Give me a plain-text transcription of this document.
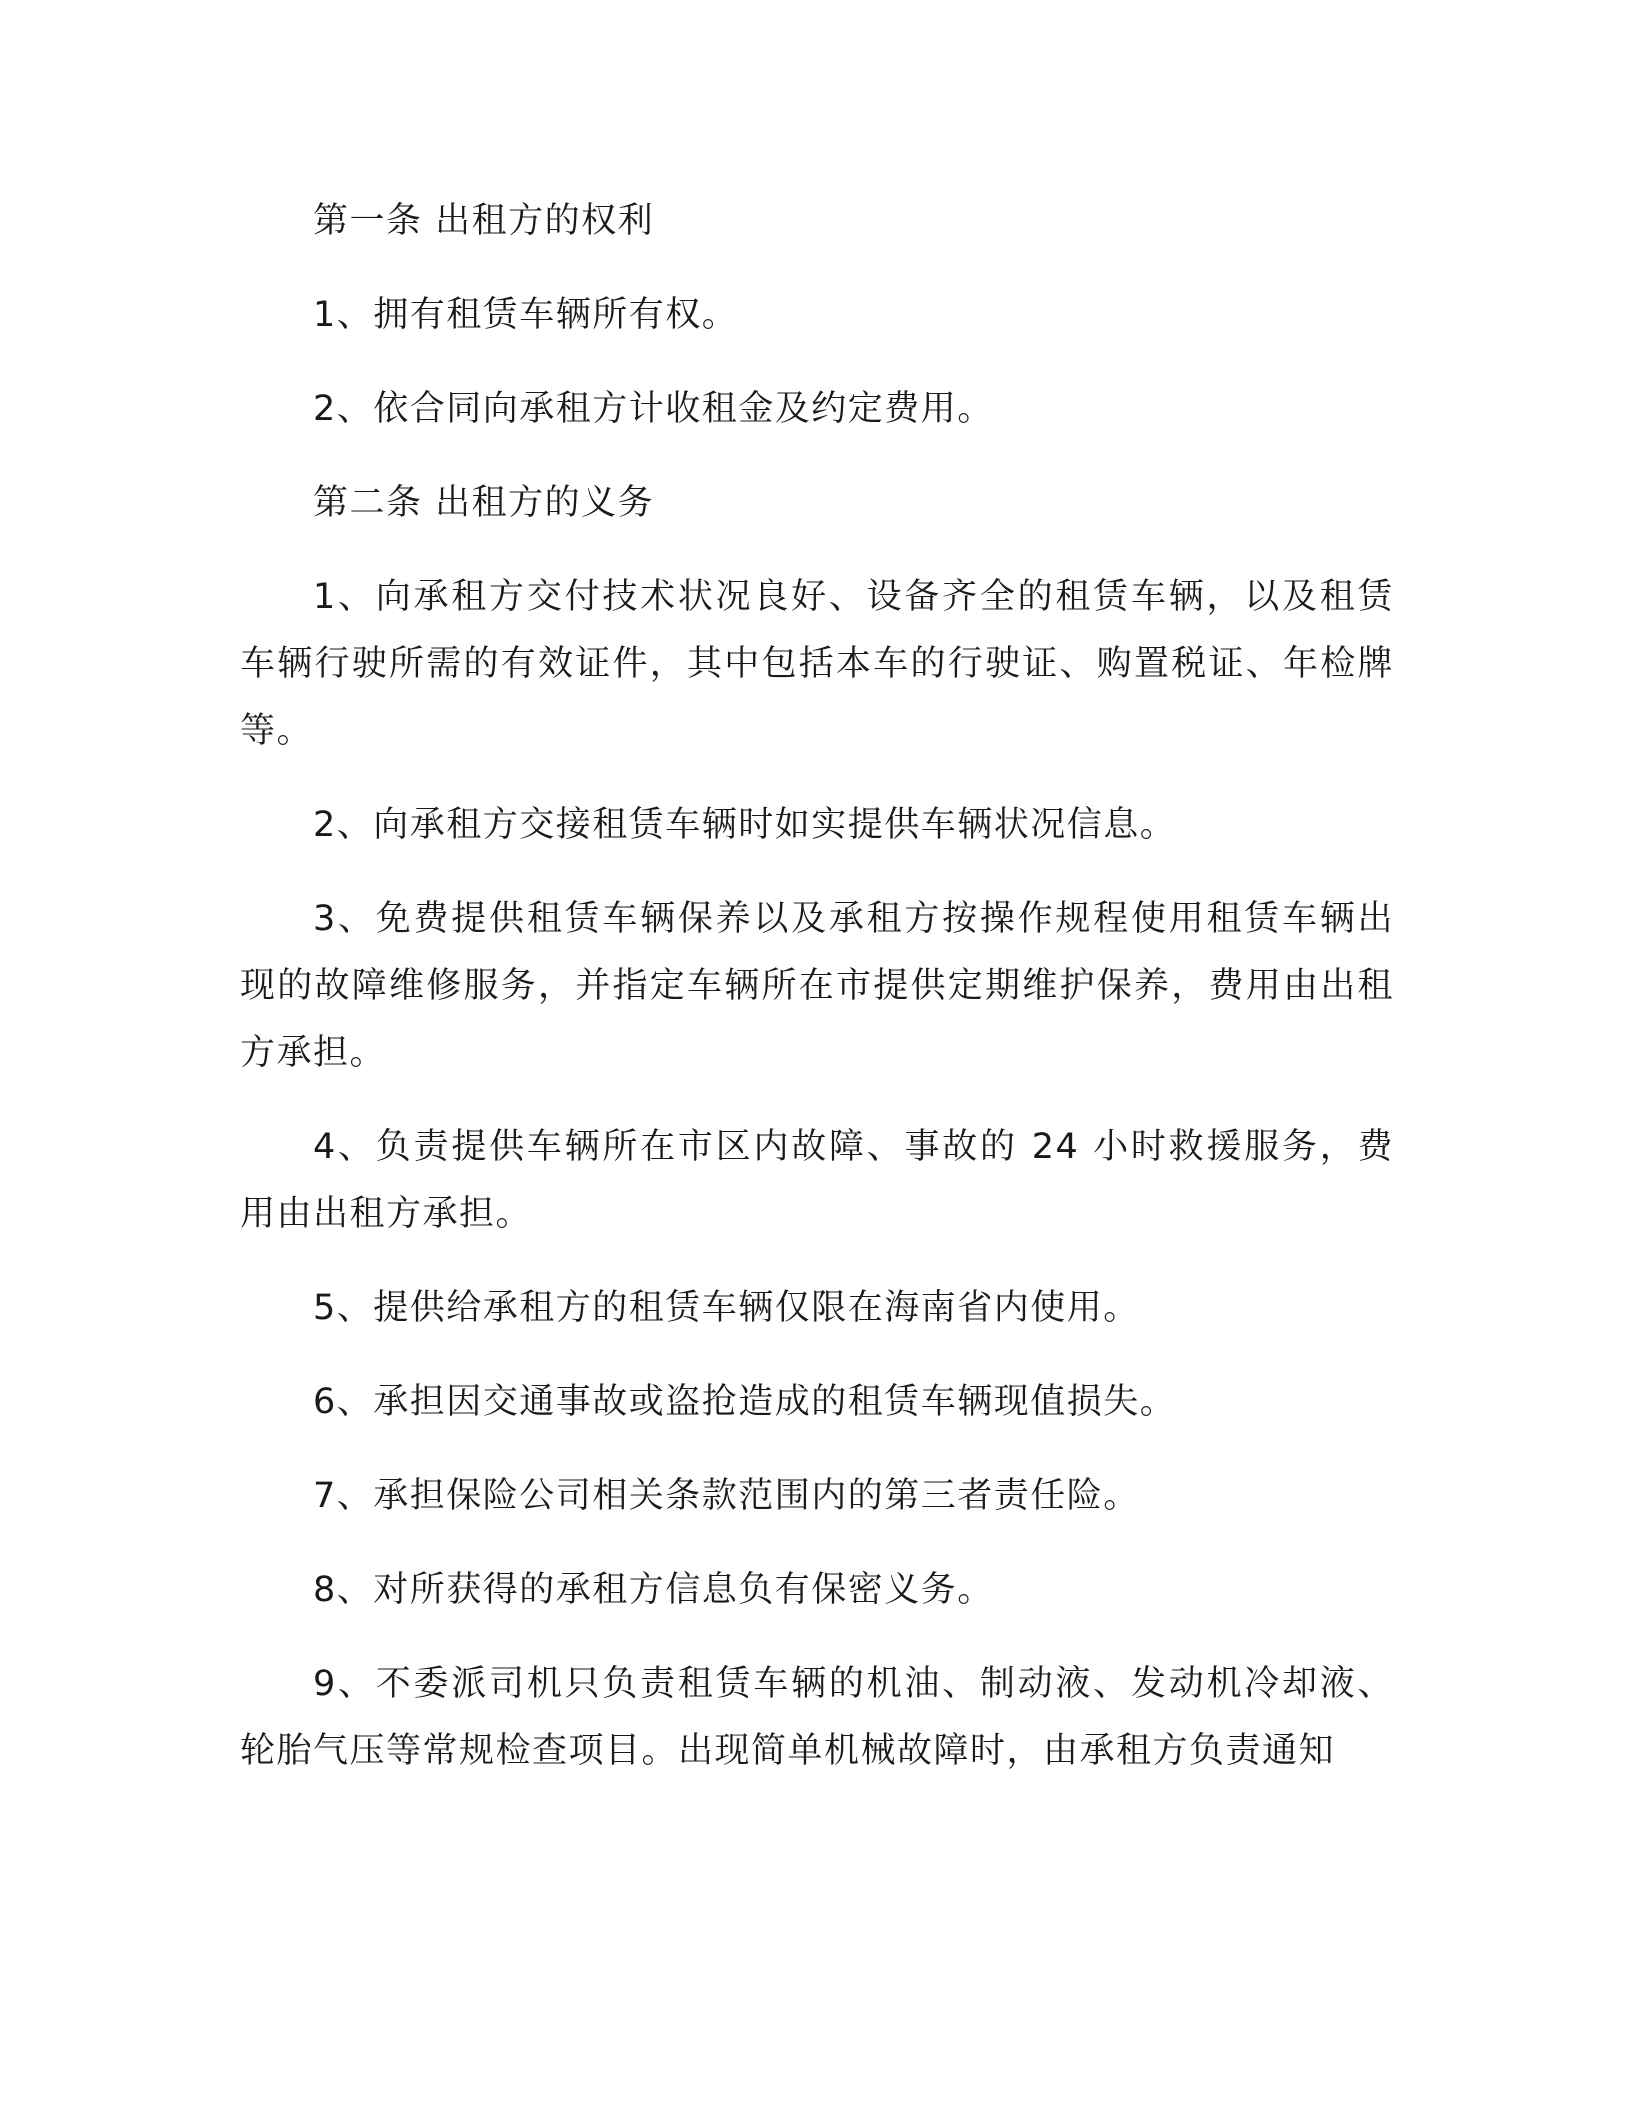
第一条 出租方的权利

1、拥有租赁车辆所有权。

2、依合同向承租方计收租金及约定费用。

第二条 出租方的义务

1、向承租方交付技术状况良好、设备齐全的租赁车辆，以及租赁车辆行驶所需的有效证件，其中包括本车的行驶证、购置税证、年检牌等。

2、向承租方交接租赁车辆时如实提供车辆状况信息。

3、免费提供租赁车辆保养以及承租方按操作规程使用租赁车辆出现的故障维修服务，并指定车辆所在市提供定期维护保养，费用由出租方承担。

4、负责提供车辆所在市区内故障、事故的 24 小时救援服务，费用由出租方承担。

5、提供给承租方的租赁车辆仅限在海南省内使用。

6、承担因交通事故或盗抢造成的租赁车辆现值损失。

7、承担保险公司相关条款范围内的第三者责任险。

8、对所获得的承租方信息负有保密义务。

9、不委派司机只负责租赁车辆的机油、制动液、发动机冷却液、轮胎气压等常规检查项目。出现简单机械故障时，由承租方负责通知
